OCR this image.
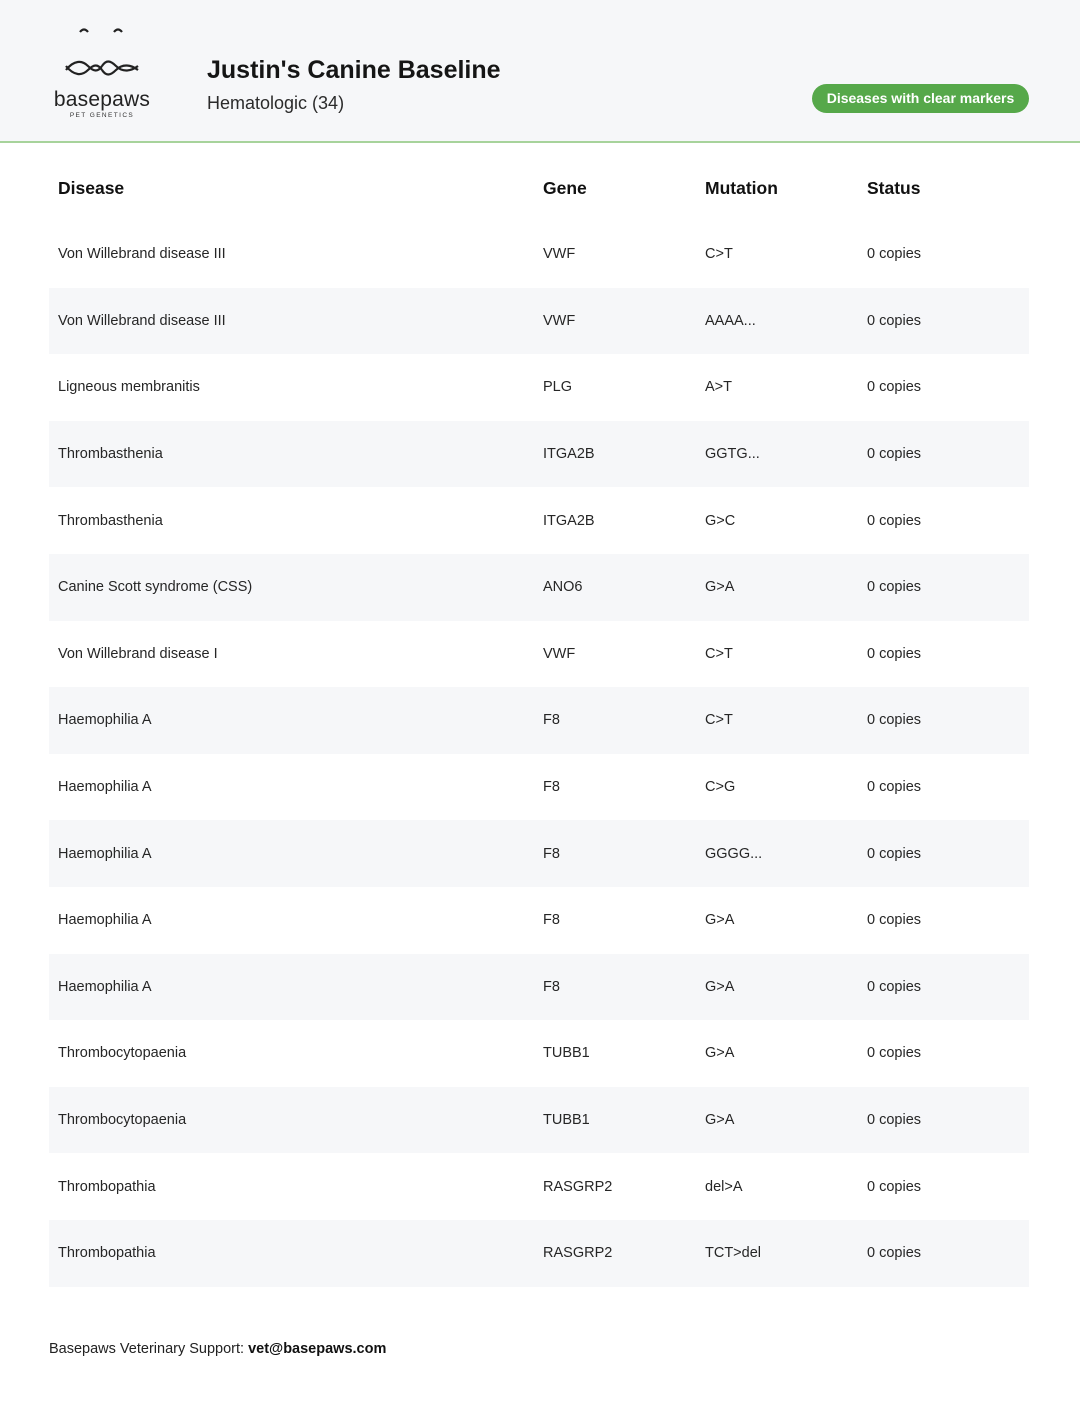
basepaws
PET GENETICS
Justin's Canine Baseline
Hematologic (34)	Diseases with clear markers
Disease	Gene	Mutation	Status
Von Willebrand disease III	VWF	C>T	0 copies
Von Willebrand disease III	VWF	AAAA...	0 copies
Ligneous membranitis	PLG	A>T	0 copies
Thrombasthenia	ITGA2B	GGTG...	0 copies
Thrombasthenia	ITGA2B	G>C	0 copies
Canine Scott syndrome (CSS)	ANO6	G>A	0 copies
Von Willebrand disease I	VWF	C>T	0 copies
Haemophilia A	F8	C>T	0 copies
Haemophilia A	F8	C>G	0 copies
Haemophilia A	F8	GGGG...	0 copies
Haemophilia A	F8	G>A	0 copies
Haemophilia A	F8	G>A	0 copies
Thrombocytopaenia	TUBB1	G>A	0 copies
Thrombocytopaenia	TUBB1	G>A	0 copies
Thrombopathia	RASGRP2	del>A	0 copies
Thrombopathia	RASGRP2	TCT>del	0 copies
Basepaws Veterinary Support: vet@basepaws.com
